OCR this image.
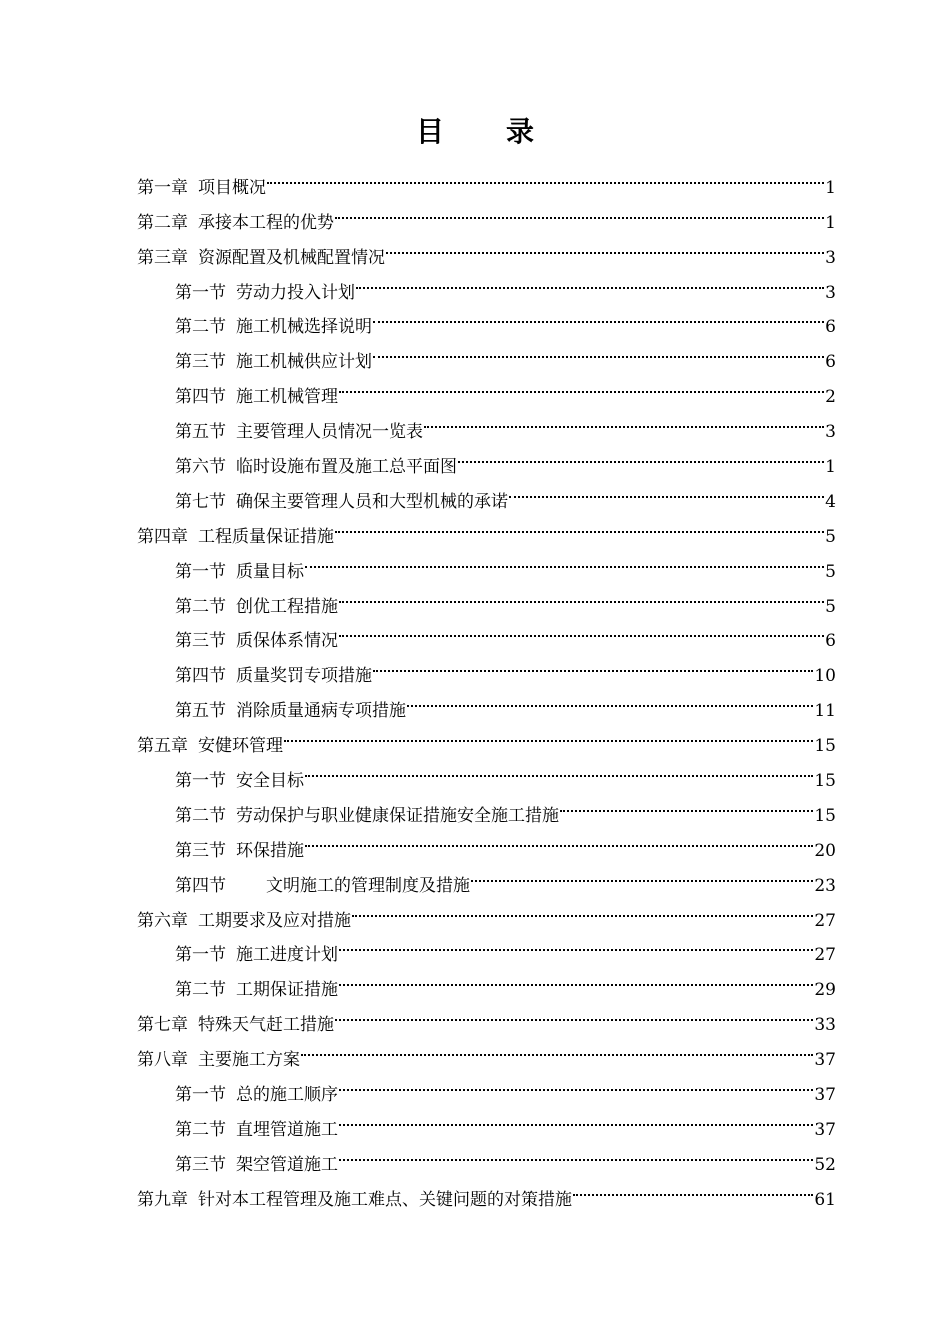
目 录
第一章 项目概况	1
第二章 承接本工程的优势	1
第三章 资源配置及机械配置情况	3
第一节 劳动力投入计划	3
第二节 施工机械选择说明	6
第三节 施工机械供应计划	6
第四节 施工机械管理	2
第五节 主要管理人员情况一览表	3
第六节 临时设施布置及施工总平面图	1
第七节 确保主要管理人员和大型机械的承诺	4
第四章 工程质量保证措施	5
第一节 质量目标	5
第二节 创优工程措施	5
第三节 质保体系情况	6
第四节 质量奖罚专项措施	10
第五节 消除质量通病专项措施	11
第五章 安健环管理	15
第一节 安全目标	15
第二节 劳动保护与职业健康保证措施安全施工措施	15
第三节 环保措施	20
第四节 文明施工的管理制度及措施	23
第六章 工期要求及应对措施	27
第一节 施工进度计划	27
第二节 工期保证措施	29
第七章 特殊天气赶工措施	33
第八章 主要施工方案	37
第一节 总的施工顺序	37
第二节 直埋管道施工	37
第三节 架空管道施工	52
第九章 针对本工程管理及施工难点、关键问题的对策措施	61
